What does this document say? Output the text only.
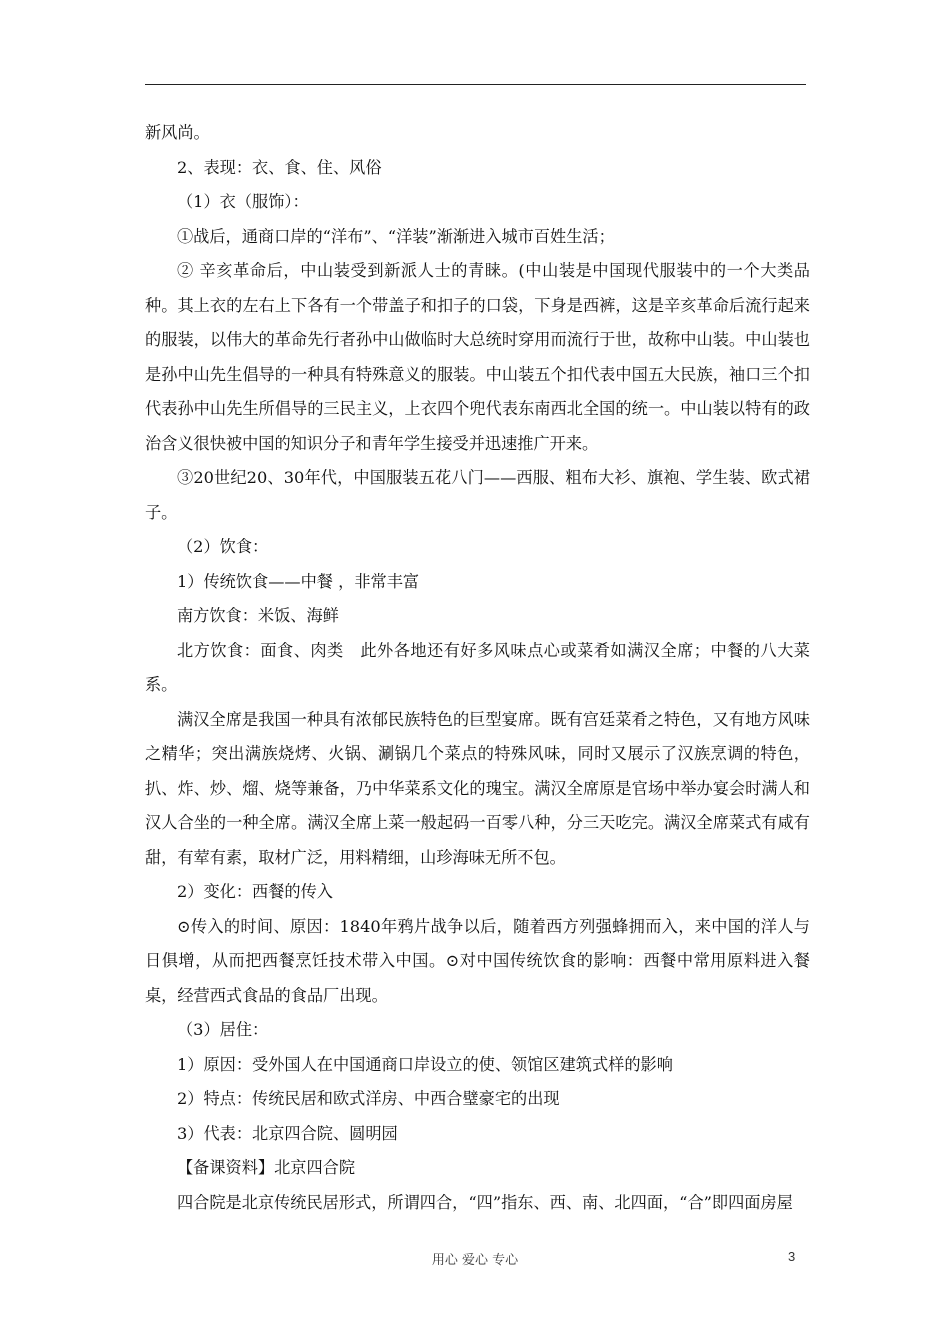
新风尚。

2、表现：衣、食、住、风俗

（1）衣（服饰）：

①战后，通商口岸的“洋布”、“洋装”渐渐进入城市百姓生活；

② 辛亥革命后，中山装受到新派人士的青睐。(中山装是中国现代服装中的一个大类品种。其上衣的左右上下各有一个带盖子和扣子的口袋，下身是西裤，这是辛亥革命后流行起来的服装，以伟大的革命先行者孙中山做临时大总统时穿用而流行于世，故称中山装。中山装也是孙中山先生倡导的一种具有特殊意义的服装。中山装五个扣代表中国五大民族，袖口三个扣代表孙中山先生所倡导的三民主义，上衣四个兜代表东南西北全国的统一。中山装以特有的政治含义很快被中国的知识分子和青年学生接受并迅速推广开来。

③20世纪20、30年代，中国服装五花八门——西服、粗布大衫、旗袍、学生装、欧式裙子。

（2）饮食：

1）传统饮食——中餐 ，非常丰富

南方饮食：米饭、海鲜

北方饮食：面食、肉类　此外各地还有好多风味点心或菜肴如满汉全席；中餐的八大菜系。

满汉全席是我国一种具有浓郁民族特色的巨型宴席。既有宫廷菜肴之特色，又有地方风味之精华；突出满族烧烤、火锅、涮锅几个菜点的特殊风味，同时又展示了汉族烹调的特色，扒、炸、炒、熘、烧等兼备，乃中华菜系文化的瑰宝。满汉全席原是官场中举办宴会时满人和汉人合坐的一种全席。满汉全席上菜一般起码一百零八种，分三天吃完。满汉全席菜式有咸有甜，有荤有素，取材广泛，用料精细，山珍海味无所不包。

2）变化：西餐的传入

⊙传入的时间、原因：1840年鸦片战争以后，随着西方列强蜂拥而入，来中国的洋人与日俱增，从而把西餐烹饪技术带入中国。⊙对中国传统饮食的影响：西餐中常用原料进入餐桌，经营西式食品的食品厂出现。

（3）居住：

1）原因：受外国人在中国通商口岸设立的使、领馆区建筑式样的影响

2）特点：传统民居和欧式洋房、中西合璧豪宅的出现

3）代表：北京四合院、圆明园

【备课资料】北京四合院

四合院是北京传统民居形式，所谓四合，“四”指东、西、南、北四面，“合”即四面房屋

用心 爱心 专心	3
